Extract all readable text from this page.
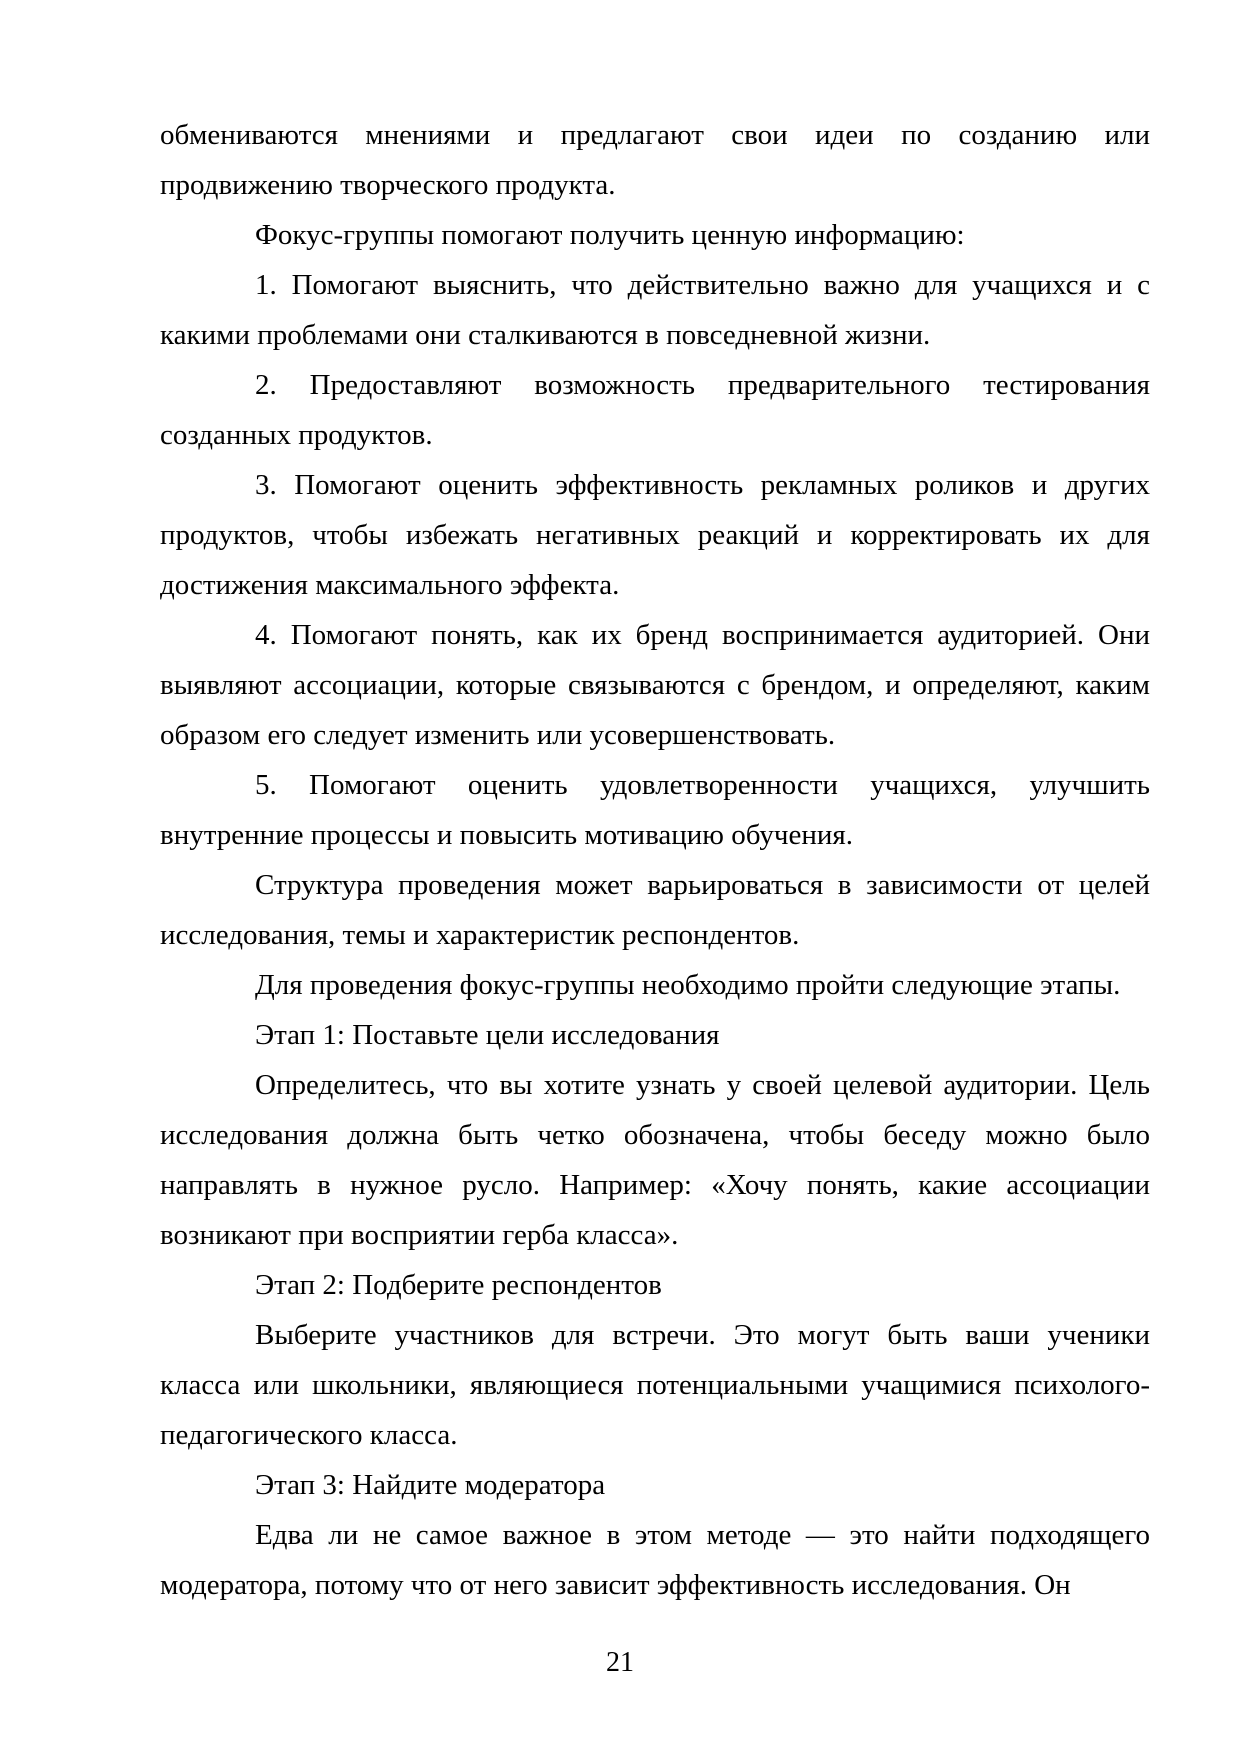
обмениваются мнениями и предлагают свои идеи по созданию или продвижению творческого продукта.

Фокус-группы помогают получить ценную информацию:

1. Помогают выяснить, что действительно важно для учащихся и с какими проблемами они сталкиваются в повседневной жизни.

2. Предоставляют возможность предварительного тестирования созданных продуктов.

3. Помогают оценить эффективность рекламных роликов и других продуктов, чтобы избежать негативных реакций и корректировать их для достижения максимального эффекта.

4. Помогают понять, как их бренд воспринимается аудиторией. Они выявляют ассоциации, которые связываются с брендом, и определяют, каким образом его следует изменить или усовершенствовать.

5. Помогают оценить удовлетворенности учащихся, улучшить внутренние процессы и повысить мотивацию обучения.

Структура проведения может варьироваться в зависимости от целей исследования, темы и характеристик респондентов.

Для проведения фокус-группы необходимо пройти следующие этапы.

Этап 1: Поставьте цели исследования

Определитесь, что вы хотите узнать у своей целевой аудитории. Цель исследования должна быть четко обозначена, чтобы беседу можно было направлять в нужное русло. Например: «Хочу понять, какие ассоциации возникают при восприятии герба класса».

Этап 2: Подберите респондентов

Выберите участников для встречи. Это могут быть ваши ученики класса или школьники, являющиеся потенциальными учащимися психолого-педагогического класса.

Этап 3: Найдите модератора

Едва ли не самое важное в этом методе — это найти подходящего модератора, потому что от него зависит эффективность исследования. Он

21
